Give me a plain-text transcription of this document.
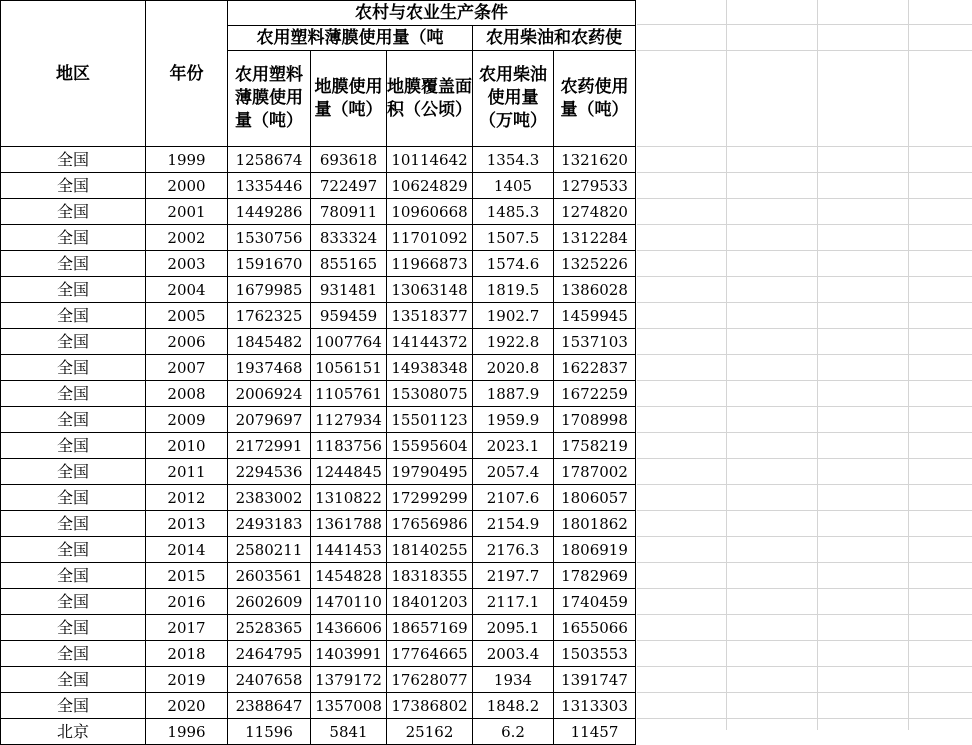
地区	年份	农村与农业生产条件				
		农用塑料薄膜使用量（吨			农用柴油和农药使	
		农用塑料薄膜使用量（吨）	地膜使用量（吨）	地膜覆盖面积（公顷）	农用柴油使用量（万吨）	农药使用量（吨）
全国	1999	1258674	693618	10114642	1354.3	1321620
全国	2000	1335446	722497	10624829	1405	1279533
全国	2001	1449286	780911	10960668	1485.3	1274820
全国	2002	1530756	833324	11701092	1507.5	1312284
全国	2003	1591670	855165	11966873	1574.6	1325226
全国	2004	1679985	931481	13063148	1819.5	1386028
全国	2005	1762325	959459	13518377	1902.7	1459945
全国	2006	1845482	1007764	14144372	1922.8	1537103
全国	2007	1937468	1056151	14938348	2020.8	1622837
全国	2008	2006924	1105761	15308075	1887.9	1672259
全国	2009	2079697	1127934	15501123	1959.9	1708998
全国	2010	2172991	1183756	15595604	2023.1	1758219
全国	2011	2294536	1244845	19790495	2057.4	1787002
全国	2012	2383002	1310822	17299299	2107.6	1806057
全国	2013	2493183	1361788	17656986	2154.9	1801862
全国	2014	2580211	1441453	18140255	2176.3	1806919
全国	2015	2603561	1454828	18318355	2197.7	1782969
全国	2016	2602609	1470110	18401203	2117.1	1740459
全国	2017	2528365	1436606	18657169	2095.1	1655066
全国	2018	2464795	1403991	17764665	2003.4	1503553
全国	2019	2407658	1379172	17628077	1934	1391747
全国	2020	2388647	1357008	17386802	1848.2	1313303
北京	1996	11596	5841	25162	6.2	11457
